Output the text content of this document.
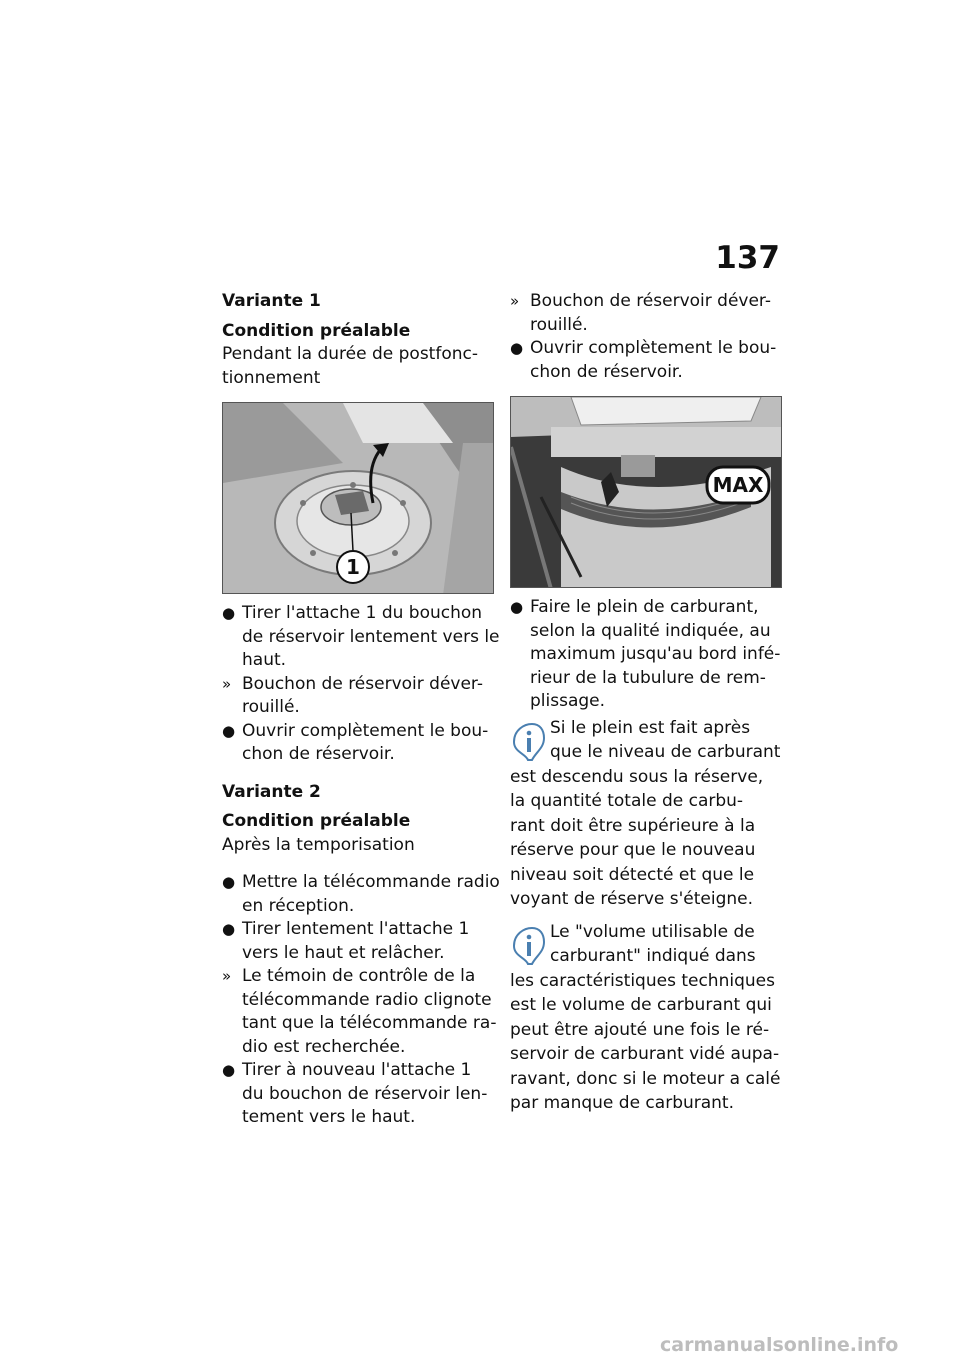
137
Variante 1
Condition préalable
Pendant la durée de postfonc-
tionnement
1
● Tirer l'attache 1 du bouchon
de réservoir lentement vers le
haut.
» Bouchon de réservoir déver-
rouillé.
● Ouvrir complètement le bou-
chon de réservoir.
Variante 2
Condition préalable
Après la temporisation
● Mettre la télécommande radio
en réception.
● Tirer lentement l'attache 1
vers le haut et relâcher.
» Le témoin de contrôle de la
télécommande radio clignote
tant que la télécommande ra-
dio est recherchée.
● Tirer à nouveau l'attache 1
du bouchon de réservoir len-
tement vers le haut.
» Bouchon de réservoir déver-
rouillé.
● Ouvrir complètement le bou-
chon de réservoir.
MAX
● Faire le plein de carburant,
selon la qualité indiquée, au
maximum jusqu'au bord infé-
rieur de la tubulure de rem-
plissage.
Si le plein est fait après
que le niveau de carburant
est descendu sous la réserve,
la quantité totale de carbu-
rant doit être supérieure à la
réserve pour que le nouveau
niveau soit détecté et que le
voyant de réserve s'éteigne.
Le "volume utilisable de
carburant" indiqué dans
les caractéristiques techniques
est le volume de carburant qui
peut être ajouté une fois le ré-
servoir de carburant vidé aupa-
ravant, donc si le moteur a calé
par manque de carburant.
carmanualsonline.info
